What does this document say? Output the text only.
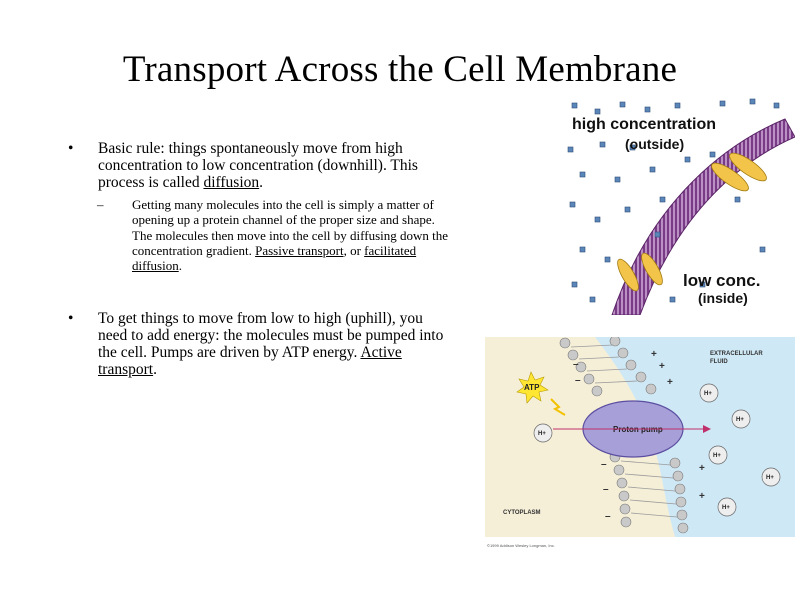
Transport Across the Cell Membrane
• Basic rule: things spontaneously move from high concentration to low concentration (downhill). This process is called diffusion.
– Getting many molecules into the cell is simply a matter of opening up a protein channel of the proper size and shape. The molecules then move into the cell by diffusing down the concentration gradient. Passive transport, or facilitated diffusion.
• To get things to move from low to high (uphill), you need to add energy: the molecules must be pumped into the cell. Pumps are driven by ATP energy. Active transport.
high concentration
(outside)
low conc.
(inside)
Proton pump
ATP
H+
H+
H+
H+
H+
H+
+
+
+
+
+
–
–
–
–
–
EXTRACELLULAR
FLUID
CYTOPLASM
©1999 Addison Wesley Longman, Inc.
